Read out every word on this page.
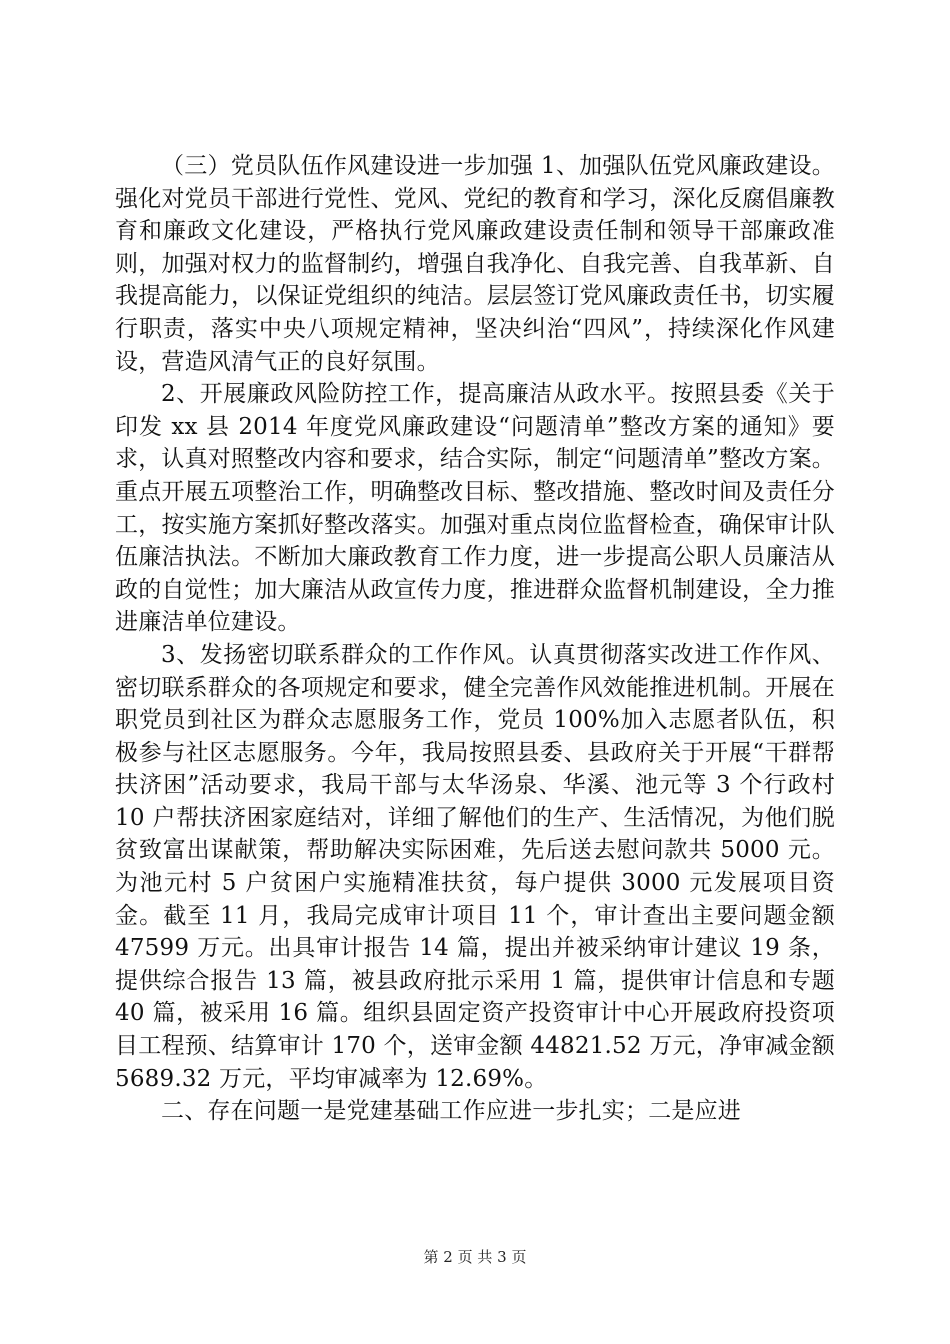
（三）党员队伍作风建设进一步加强 1、加强队伍党风廉政建设。强化对党员干部进行党性、党风、党纪的教育和学习，深化反腐倡廉教育和廉政文化建设，严格执行党风廉政建设责任制和领导干部廉政准则，加强对权力的监督制约，增强自我净化、自我完善、自我革新、自我提高能力，以保证党组织的纯洁。层层签订党风廉政责任书，切实履行职责，落实中央八项规定精神，坚决纠治“四风”，持续深化作风建设，营造风清气正的良好氛围。

2、开展廉政风险防控工作，提高廉洁从政水平。按照县委《关于印发 xx 县 2014 年度党风廉政建设“问题清单”整改方案的通知》要求，认真对照整改内容和要求，结合实际，制定“问题清单”整改方案。重点开展五项整治工作，明确整改目标、整改措施、整改时间及责任分工，按实施方案抓好整改落实。加强对重点岗位监督检查，确保审计队伍廉洁执法。不断加大廉政教育工作力度，进一步提高公职人员廉洁从政的自觉性；加大廉洁从政宣传力度，推进群众监督机制建设，全力推进廉洁单位建设。

3、发扬密切联系群众的工作作风。认真贯彻落实改进工作作风、密切联系群众的各项规定和要求，健全完善作风效能推进机制。开展在职党员到社区为群众志愿服务工作，党员 100%加入志愿者队伍，积极参与社区志愿服务。今年，我局按照县委、县政府关于开展“干群帮扶济困”活动要求，我局干部与太华汤泉、华溪、池元等 3 个行政村 10 户帮扶济困家庭结对，详细了解他们的生产、生活情况，为他们脱贫致富出谋献策，帮助解决实际困难，先后送去慰问款共 5000 元。为池元村 5 户贫困户实施精准扶贫，每户提供 3000 元发展项目资金。截至 11 月，我局完成审计项目 11 个，审计查出主要问题金额 47599 万元。出具审计报告 14 篇，提出并被采纳审计建议 19 条，提供综合报告 13 篇，被县政府批示采用 1 篇，提供审计信息和专题 40 篇，被采用 16 篇。组织县固定资产投资审计中心开展政府投资项目工程预、结算审计 170 个，送审金额 44821.52 万元，净审减金额 5689.32 万元，平均审减率为 12.69%。

二、存在问题一是党建基础工作应进一步扎实；二是应进

第 2 页 共 3 页
